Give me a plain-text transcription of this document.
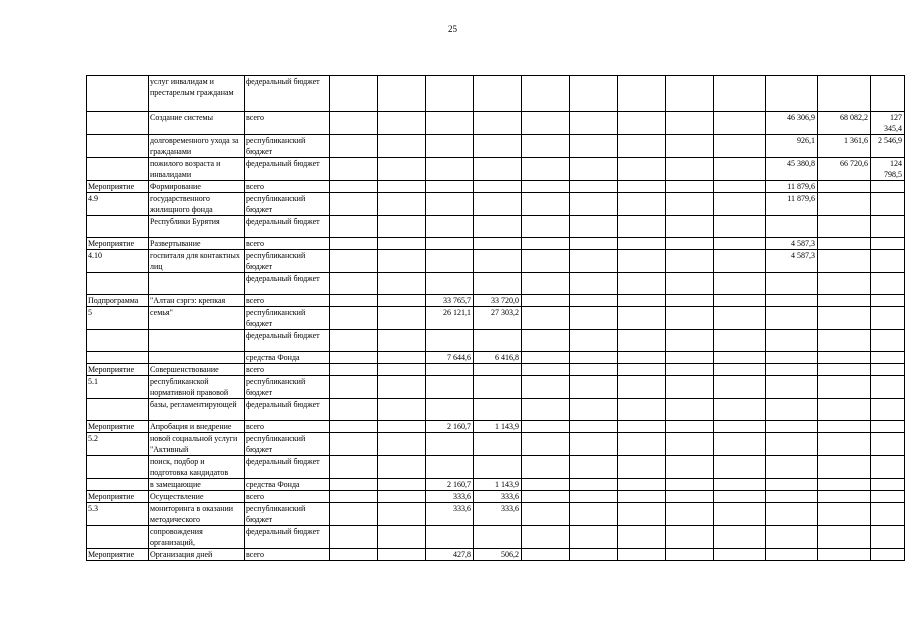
25
	услуг инвалидам и престарелым гражданам	федеральный бюджет												
	Создание системы	всего										46 306,9	68 082,2	127 345,4
	долговременного ухода за гражданами	республиканский бюджет										926,1	1 361,6	2 546,9
	пожилого возраста и инвалидами	федеральный бюджет										45 380,8	66 720,6	124 798,5
Мероприятие	Формирование	всего										11 879,6		
4.9	государственного жилищного фонда	республиканский бюджет										11 879,6		
	Республики Бурятия	федеральный бюджет												
Мероприятие	Развертывание	всего										4 587,3		
4.10	госпиталя для контактных лиц	республиканский бюджет										4 587,3		
		федеральный бюджет												
Подпрограмма	"Алтан сэргэ: крепкая	всего			33 765,7	33 720,0								
5	семья"	республиканский бюджет			26 121,1	27 303,2								
		федеральный бюджет												
		средства Фонда			7 644,6	6 416,8								
Мероприятие	Совершенствование	всего												
5.1	республиканской нормативной правовой	республиканский бюджет												
	базы, регламентирующей	федеральный бюджет												
Мероприятие	Апробация и внедрение	всего			2 160,7	1 143,9								
5.2	новой социальной услуги "Активный	республиканский бюджет												
	поиск, подбор и подготовка кандидатов	федеральный бюджет												
	в замещающие	средства Фонда			2 160,7	1 143,9								
Мероприятие	Осуществление	всего			333,6	333,6								
5.3	мониторинга в оказании методического	республиканский бюджет			333,6	333,6								
	сопровождения организаций,	федеральный бюджет												
Мероприятие	Организация дней	всего			427,8	506,2								
